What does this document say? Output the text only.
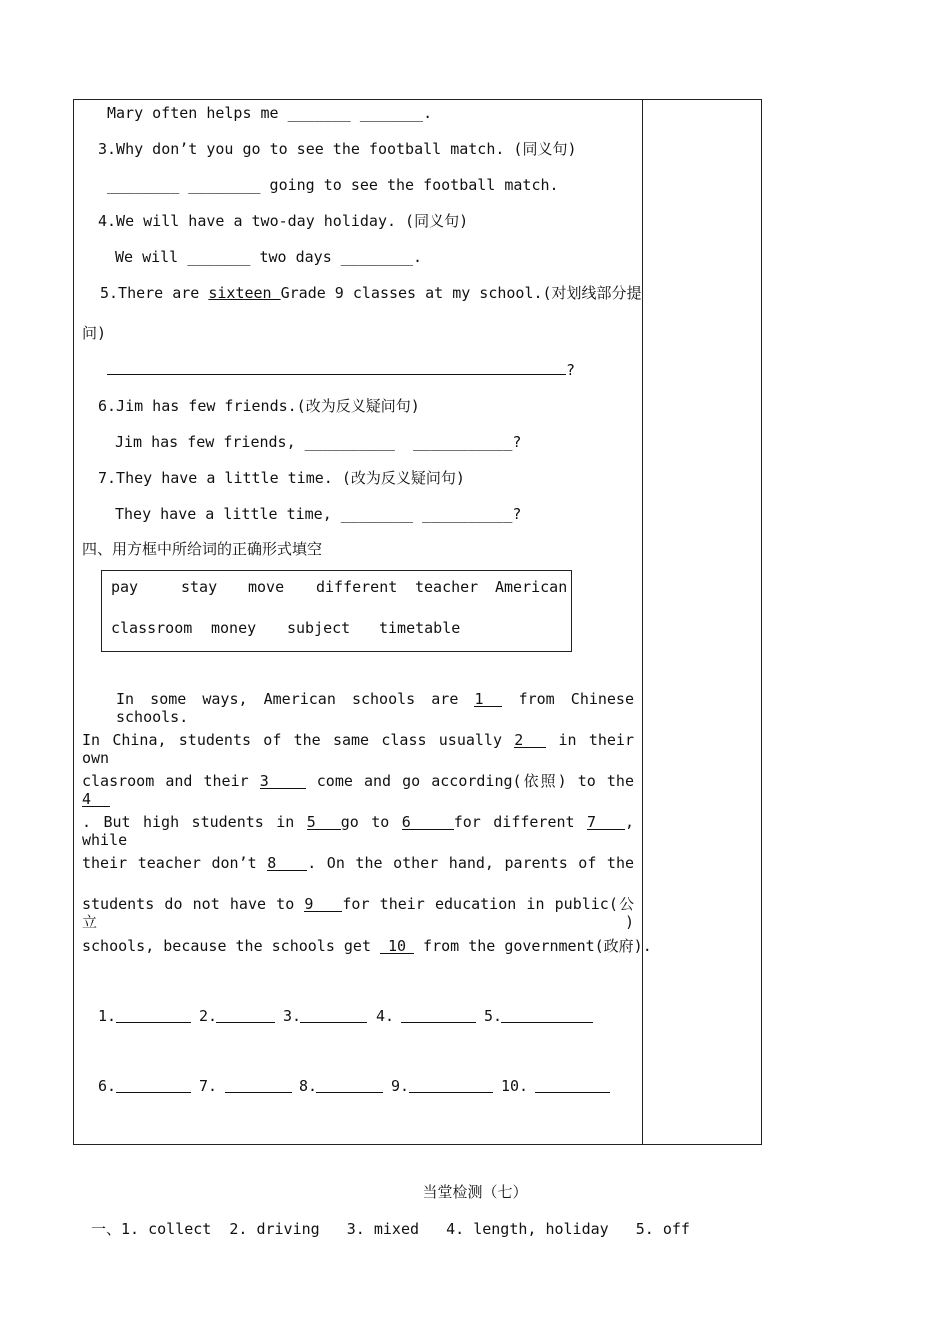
Mary often helps me _______ _______.
3.Why don’t you go to see the football match. (同义句)
________ ________ going to see the football match.
4.We will have a two-day holiday. (同义句)
We will _______ two days ________.
5.There are sixteen Grade 9 classes at my school.(对划线部分提
问)
?
6.Jim has few friends.(改为反义疑问句)
Jim has few friends, __________  ___________?
7.They have a little time. (改为反义疑问句)
They have a little time, ________ __________?
四、用方框中所给词的正确形式填空
pay	stay move different teacher American
classroom money subject timetable
In some ways, American schools are 1 from Chinese schools.
In China, students of the same class usually 2 in their own
clasroom and their 3 come and go according(依照) to the 4
. But high students in 5 go to 6	for different 7 , while
their teacher don’t 8 . On the other hand, parents of the
students do not have to 9 for their education in public(公立)
schools, because the schools get 10 from the government(政府).
1.	2.	3.	4.	5.
6.	7.	8.	9.	10.
当堂检测（七）
一、1. collect  2. driving   3. mixed   4. length, holiday   5. off
